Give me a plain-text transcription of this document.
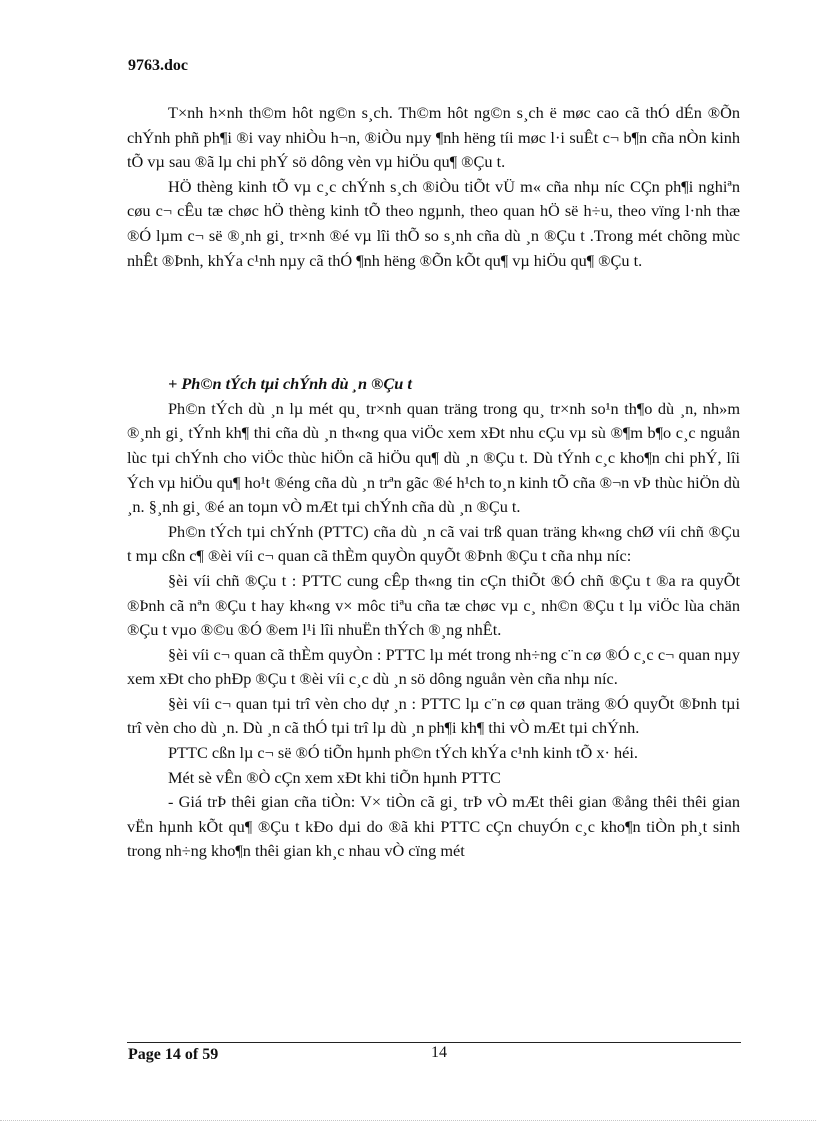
9763.doc

T×nh h×nh th©m hôt ng©n s¸ch. Th©m hôt ng©n s¸ch ë møc cao cã thÓ dÉn ®Õn chÝnh phñ ph¶i ®i vay nhiÒu h¬n, ®iÒu nµy ¶nh hëng tíi møc l·i suÊt c¬ b¶n cña nÒn kinh tÕ vµ sau ®ã lµ chi phÝ sö dông vèn vµ hiÖu qu¶ ®Çu t.

HÖ thèng kinh tÕ vµ c¸c chÝnh s¸ch ®iÒu tiÕt vÜ m« cña nhµ níc CÇn ph¶i nghiªn cøu c¬ cÊu tæ chøc hÖ thèng kinh tÕ theo ngµnh, theo quan hÖ së h÷u, theo vïng l·nh thæ ®Ó lµm c¬ së ®¸nh gi¸ tr×nh ®é vµ lîi thÕ so s¸nh cña dù ¸n ®Çu t .Trong mét chõng mùc nhÊt ®Þnh, khÝa c¹nh nµy cã thÓ ¶nh hëng ®Õn kÕt qu¶ vµ hiÖu qu¶ ®Çu t.

+ Ph©n tÝch tµi chÝnh dù ¸n ®Çu t

Ph©n tÝch dù ¸n lµ mét qu¸ tr×nh quan träng trong qu¸ tr×nh so¹n th¶o dù ¸n, nh»m ®¸nh gi¸ tÝnh kh¶ thi cña dù ¸n th«ng qua viÖc xem xÐt nhu cÇu vµ sù ®¶m b¶o c¸c nguån lùc tµi chÝnh cho viÖc thùc hiÖn cã hiÖu qu¶ dù ¸n ®Çu t. Dù tÝnh c¸c kho¶n chi phÝ, lîi Ých vµ hiÖu qu¶ ho¹t ®éng cña dù ¸n trªn gãc ®é h¹ch to¸n kinh tÕ cña ®¬n vÞ thùc hiÖn dù ¸n. §¸nh gi¸ ®é an toµn vÒ mÆt tµi chÝnh cña dù ¸n ®Çu t.

Ph©n tÝch tµi chÝnh (PTTC) cña dù ¸n cã vai trß quan träng kh«ng chØ víi chñ ®Çu t mµ cßn c¶ ®èi víi c¬ quan cã thÈm quyÒn quyÕt ®Þnh ®Çu t cña nhµ níc:

§èi víi chñ ®Çu t : PTTC cung cÊp th«ng tin cÇn thiÕt ®Ó chñ ®Çu t ®a ra quyÕt ®Þnh cã nªn ®Çu t hay kh«ng v× môc tiªu cña tæ chøc vµ c¸ nh©n ®Çu t lµ viÖc lùa chän ®Çu t vµo ®©u ®Ó ®em l¹i lîi nhuËn thÝch ®¸ng nhÊt.

§èi víi c¬ quan cã thÈm quyÒn : PTTC lµ mét trong nh÷ng c¨n cø ®Ó c¸c c¬ quan nµy xem xÐt cho phÐp ®Çu t ®èi víi c¸c dù ¸n sö dông nguån vèn cña nhµ níc.

§èi víi c¬ quan tµi trî vèn cho dự ¸n : PTTC lµ c¨n cø quan träng ®Ó quyÕt ®Þnh tµi trî vèn cho dù ¸n. Dù ¸n cã thÓ tµi trî lµ dù ¸n ph¶i kh¶ thi vÒ mÆt tµi chÝnh.

PTTC cßn lµ c¬ së ®Ó tiÕn hµnh ph©n tÝch khÝa c¹nh kinh tÕ x· héi.

Mét sè vÊn ®Ò cÇn xem xÐt khi tiÕn hµnh PTTC

- Giá trÞ thêi gian cña tiÒn: V× tiÒn cã gi¸ trÞ vÒ mÆt thêi gian ®ång thêi thêi gian vËn hµnh kÕt qu¶ ®Çu t kÐo dµi do ®ã khi PTTC cÇn chuyÓn c¸c kho¶n tiÒn ph¸t sinh trong nh÷ng kho¶n thêi gian kh¸c nhau vÒ cïng mét

Page 14 of 59	14
